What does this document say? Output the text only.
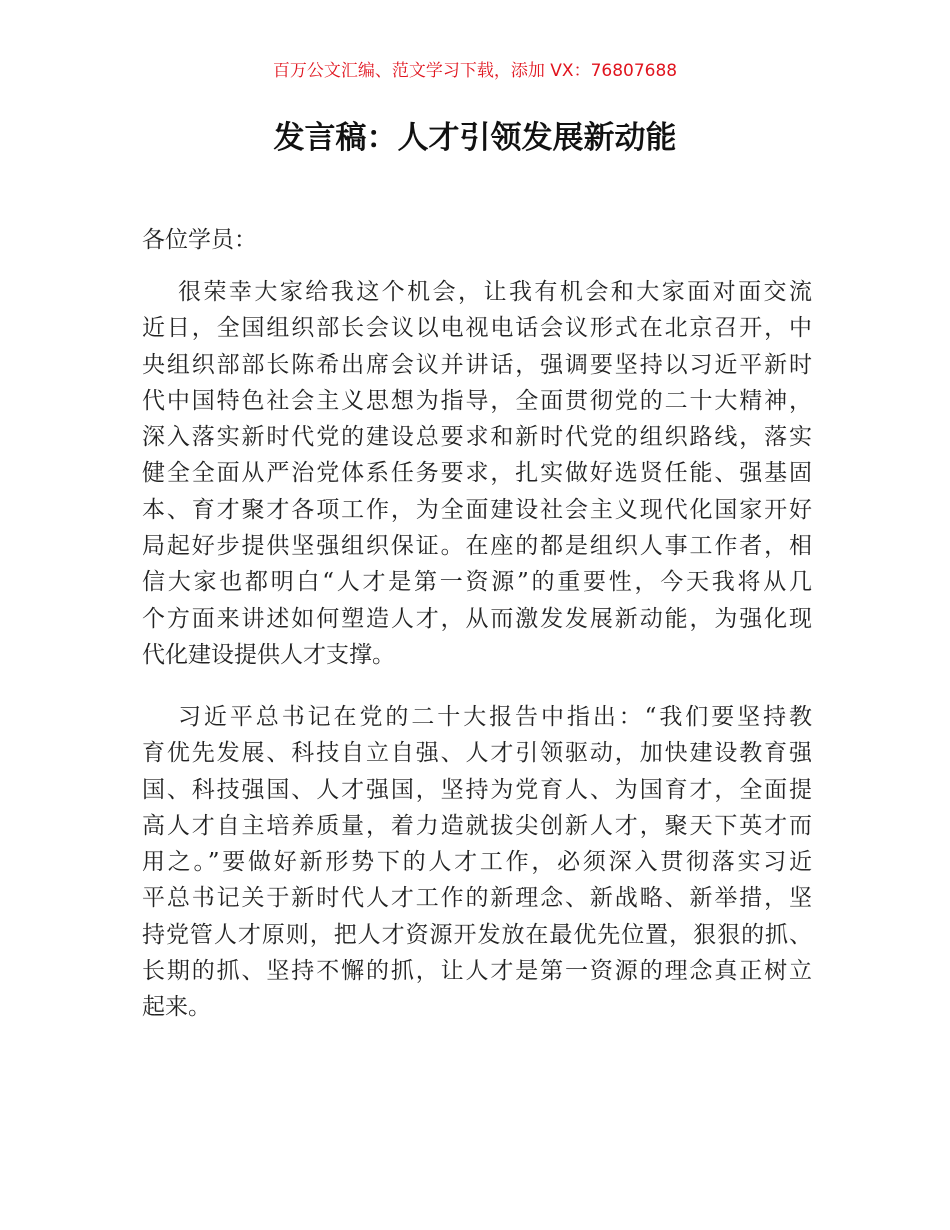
百万公文汇编、范文学习下载，添加 VX：76807688
发言稿：人才引领发展新动能
各位学员：
很荣幸大家给我这个机会，让我有机会和大家面对面交流
近日，全国组织部长会议以电视电话会议形式在北京召开，中
央组织部部长陈希出席会议并讲话，强调要坚持以习近平新时
代中国特色社会主义思想为指导，全面贯彻党的二十大精神，
深入落实新时代党的建设总要求和新时代党的组织路线，落实
健全全面从严治党体系任务要求，扎实做好选贤任能、强基固
本、育才聚才各项工作，为全面建设社会主义现代化国家开好
局起好步提供坚强组织保证。在座的都是组织人事工作者，相
信大家也都明白“人才是第一资源”的重要性，今天我将从几
个方面来讲述如何塑造人才，从而激发发展新动能，为强化现
代化建设提供人才支撑。
习近平总书记在党的二十大报告中指出：“我们要坚持教
育优先发展、科技自立自强、人才引领驱动，加快建设教育强
国、科技强国、人才强国，坚持为党育人、为国育才，全面提
高人才自主培养质量，着力造就拔尖创新人才，聚天下英才而
用之。”要做好新形势下的人才工作，必须深入贯彻落实习近
平总书记关于新时代人才工作的新理念、新战略、新举措，坚
持党管人才原则，把人才资源开发放在最优先位置，狠狠的抓、
长期的抓、坚持不懈的抓，让人才是第一资源的理念真正树立
起来。
